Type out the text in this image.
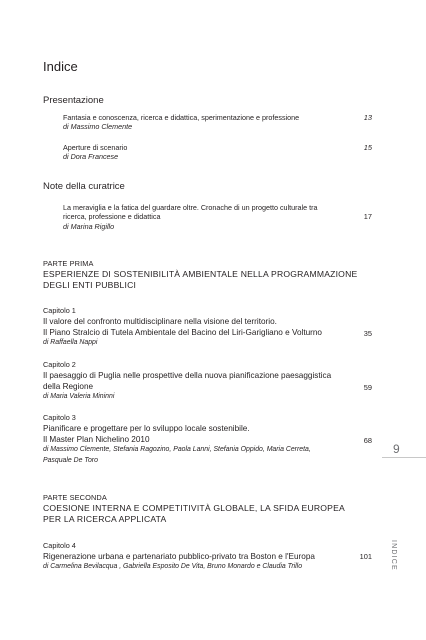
Indice
Presentazione
Fantasia e conoscenza, ricerca e didattica, sperimentazione e professione
di Massimo Clemente
13
Aperture di scenario
di Dora Francese
15
Note della curatrice
La meraviglia e la fatica del guardare oltre. Cronache di un progetto culturale tra
ricerca, professione e didattica
di Marina Rigillo
17
PARTE PRIMA
ESPERIENZE DI SOSTENIBILITÀ AMBIENTALE NELLA PROGRAMMAZIONE
DEGLI ENTI PUBBLICI
Capitolo 1
Il valore del confronto multidisciplinare nella visione del territorio.
Il Piano Stralcio di Tutela Ambientale del Bacino del Liri-Garigliano e Volturno
di Raffaella Nappi
35
Capitolo 2
Il paesaggio di Puglia nelle prospettive della nuova pianificazione paesaggistica
della Regione
di Maria Valeria Mininni
59
Capitolo 3
Pianificare e progettare per lo sviluppo locale sostenibile.
Il Master Plan Nichelino 2010
di Massimo Clemente, Stefania Ragozino, Paola Lanni, Stefania Oppido, Maria Cerreta,
Pasquale De Toro
68
9
PARTE SECONDA
COESIONE INTERNA E COMPETITIVITÀ GLOBALE, LA SFIDA EUROPEA
PER LA RICERCA APPLICATA
Capitolo 4
Rigenerazione urbana e partenariato pubblico-privato tra Boston e l'Europa
di Carmelina Bevilacqua , Gabriella Esposito De Vita, Bruno Monardo e Claudia Trillo
101	INDICE
